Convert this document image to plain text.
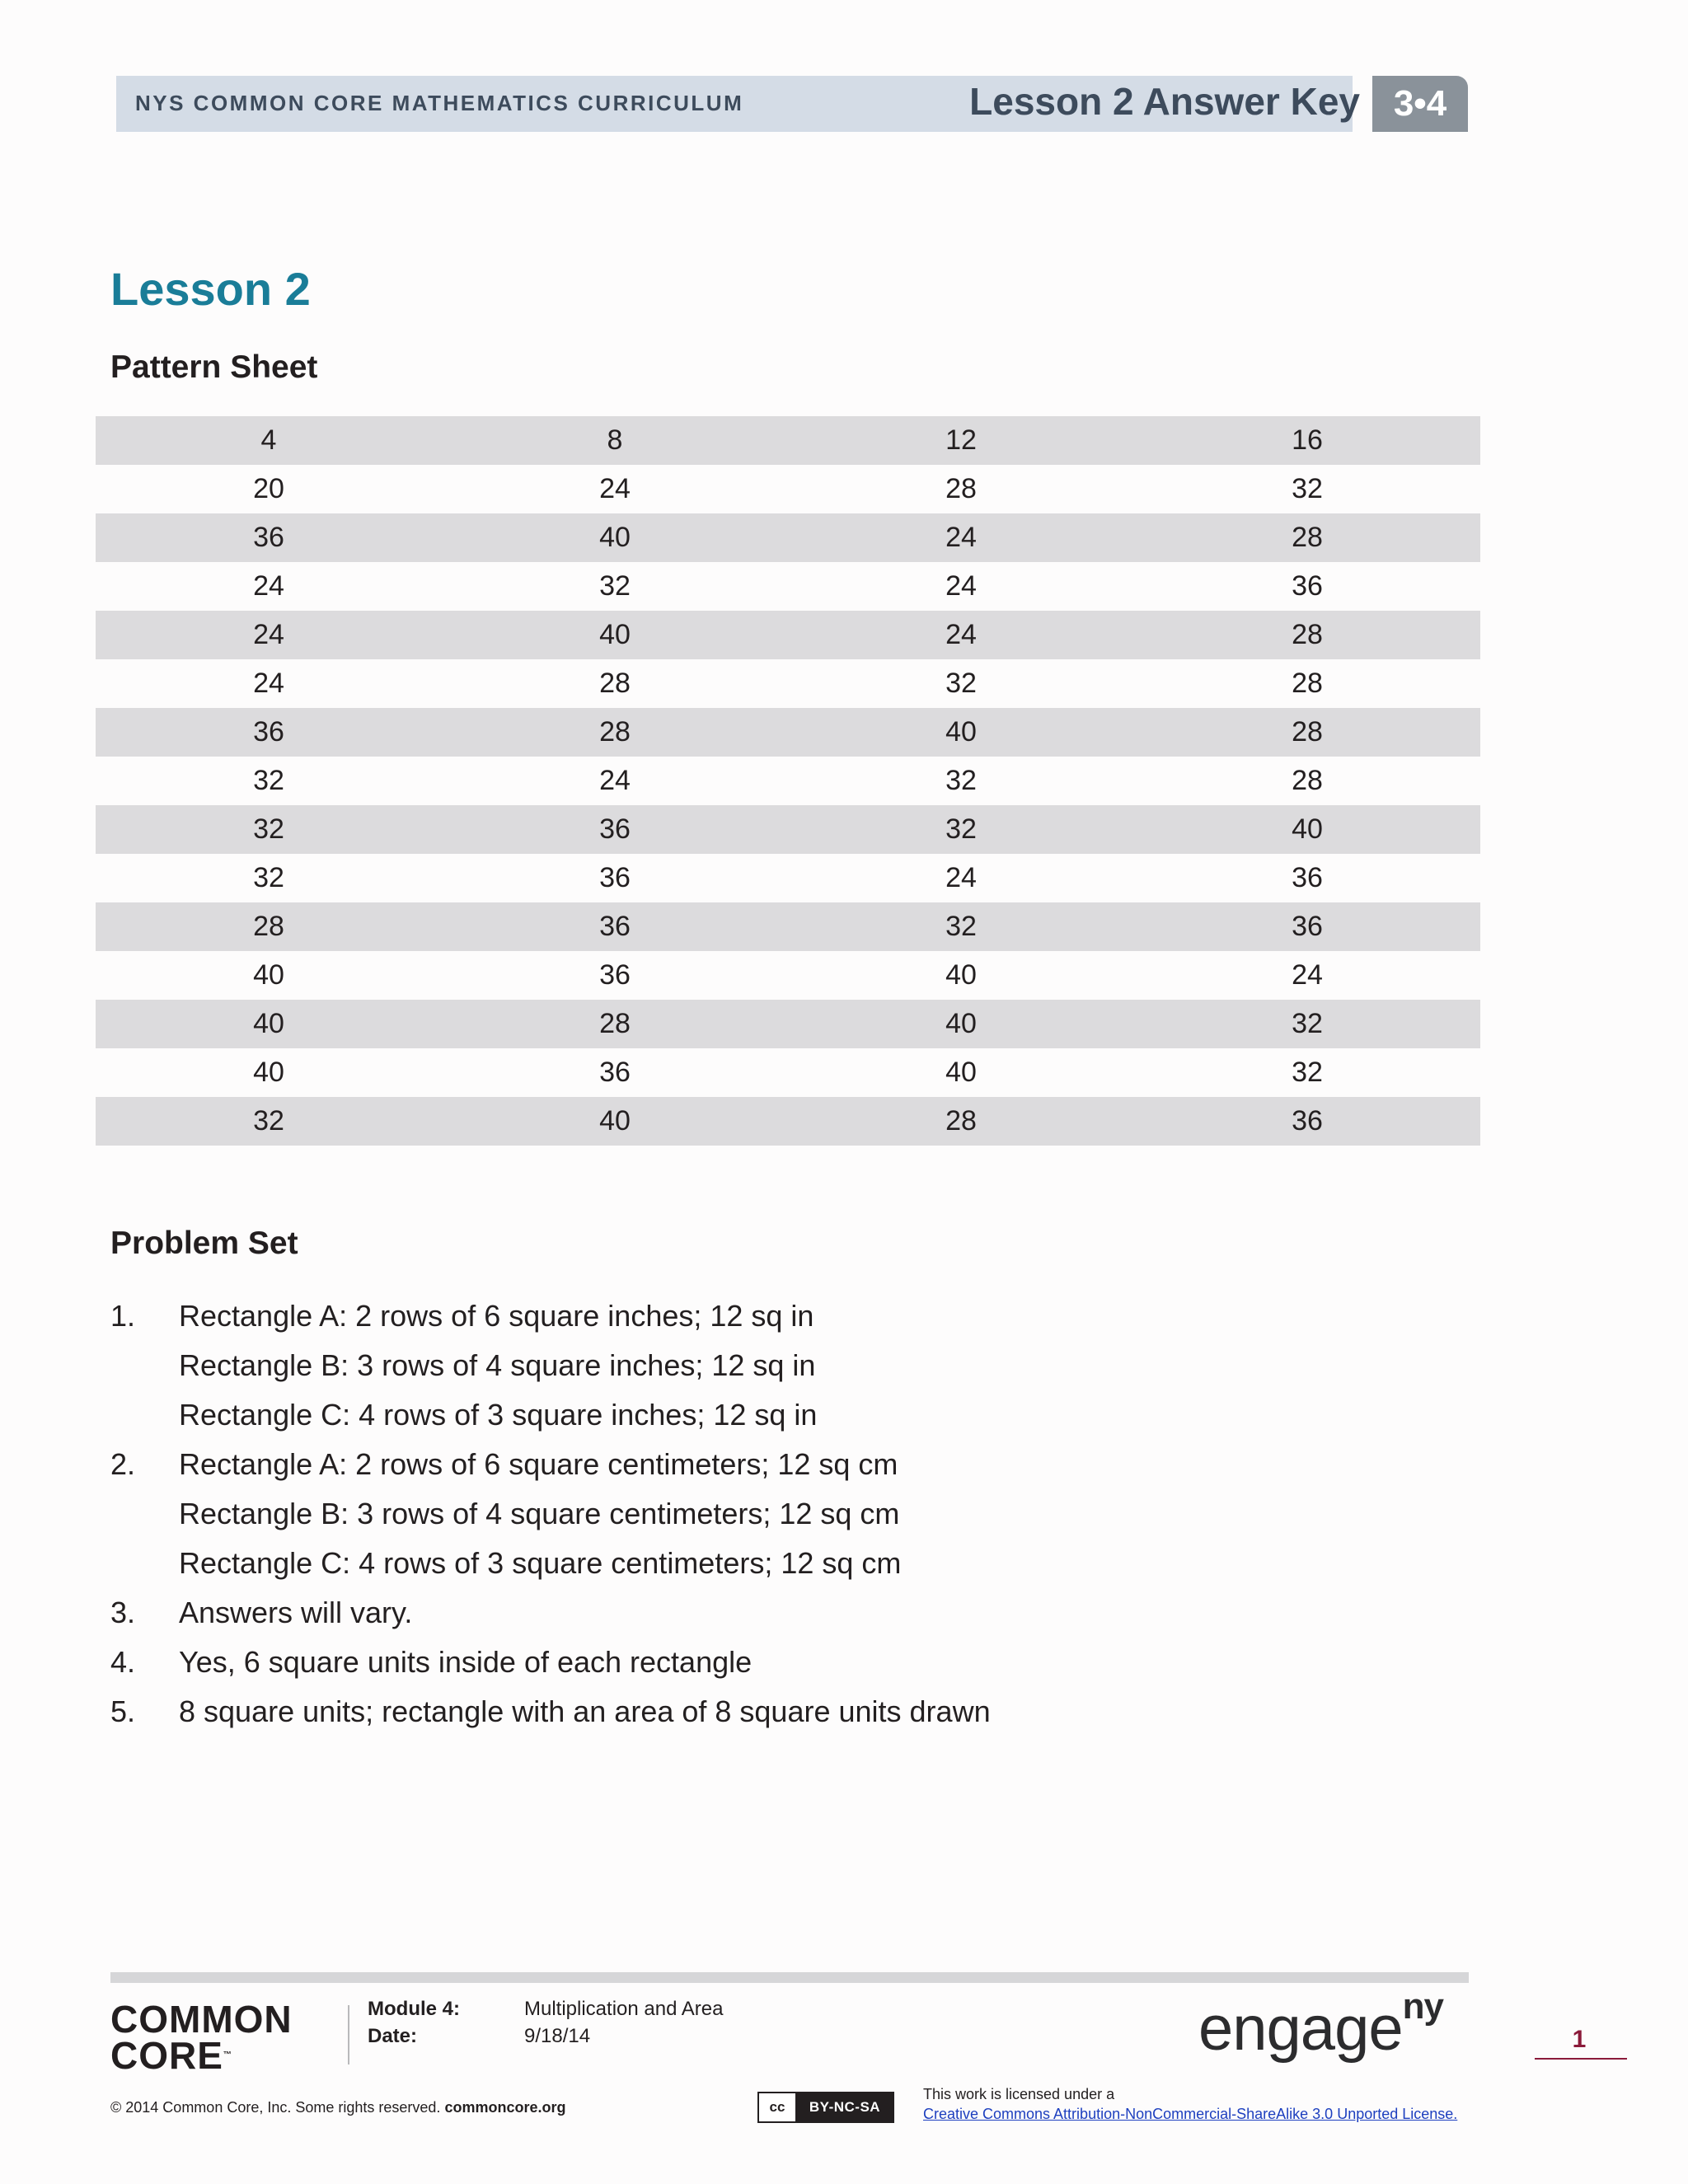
NYS COMMON CORE MATHEMATICS CURRICULUM	Lesson 2 Answer Key 3•4
Lesson 2
Pattern Sheet
4	8	12	16
20	24	28	32
36	40	24	28
24	32	24	36
24	40	24	28
24	28	32	28
36	28	40	28
32	24	32	28
32	36	32	40
32	36	24	36
28	36	32	36
40	36	40	24
40	28	40	32
40	36	40	32
32	40	28	36
Problem Set
1. Rectangle A: 2 rows of 6 square inches; 12 sq in
Rectangle B: 3 rows of 4 square inches; 12 sq in
Rectangle C: 4 rows of 3 square inches; 12 sq in
2. Rectangle A: 2 rows of 6 square centimeters; 12 sq cm
Rectangle B: 3 rows of 4 square centimeters; 12 sq cm
Rectangle C: 4 rows of 3 square centimeters; 12 sq cm
3. Answers will vary.
4. Yes, 6 square units inside of each rectangle
5. 8 square units; rectangle with an area of 8 square units drawn
COMMON
CORE™
Module 4:	Multiplication and Area
Date:	9/18/14	engage$^{ny}$
1
© 2014 Common Core, Inc. Some rights reserved. commoncore.org	cc	BY-NC-SA
This work is licensed under a
Creative Commons Attribution-NonCommercial-ShareAlike 3.0 Unported License.
